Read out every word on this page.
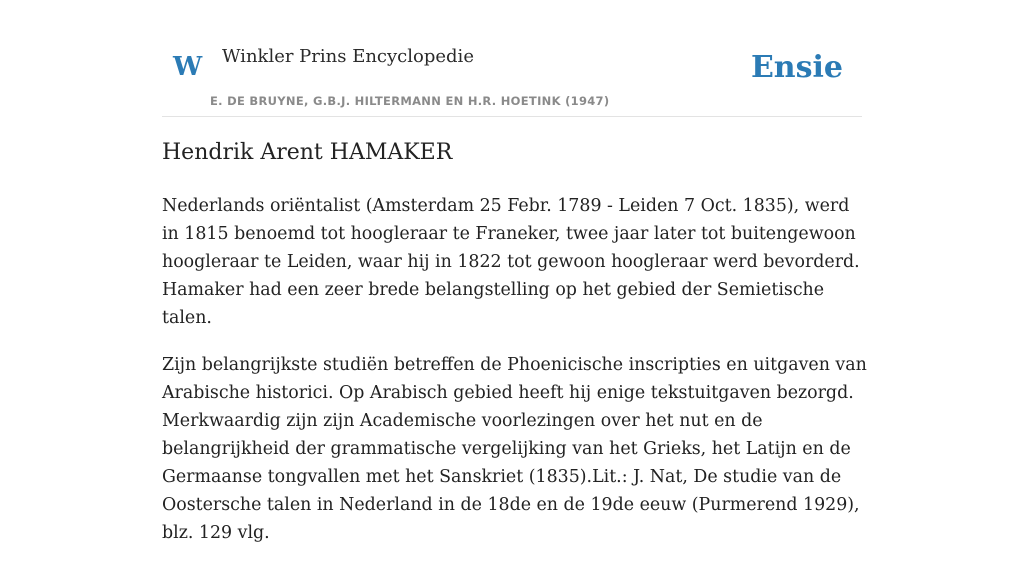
W Winkler Prins Encyclopedie
E. DE BRUYNE, G.B.J. HILTERMANN EN H.R. HOETINK (1947)
Ensie
Hendrik Arent HAMAKER

Nederlands oriëntalist (Amsterdam 25 Febr. 1789 - Leiden 7 Oct. 1835), werd in 1815 benoemd tot hoogleraar te Franeker, twee jaar later tot buitengewoon hoogleraar te Leiden, waar hij in 1822 tot gewoon hoogleraar werd bevorderd. Hamaker had een zeer brede belangstelling op het gebied der Semietische talen.

Zijn belangrijkste studiën betreffen de Phoenicische inscripties en uitgaven van Arabische historici. Op Arabisch gebied heeft hij enige tekstuitgaven bezorgd. Merkwaardig zijn zijn Academische voorlezingen over het nut en de belangrijkheid der grammatische vergelijking van het Grieks, het Latijn en de Germaanse tongvallen met het Sanskriet (1835).Lit.: J. Nat, De studie van de Oostersche talen in Nederland in de 18de en de 19de eeuw (Purmerend 1929), blz. 129 vlg.
